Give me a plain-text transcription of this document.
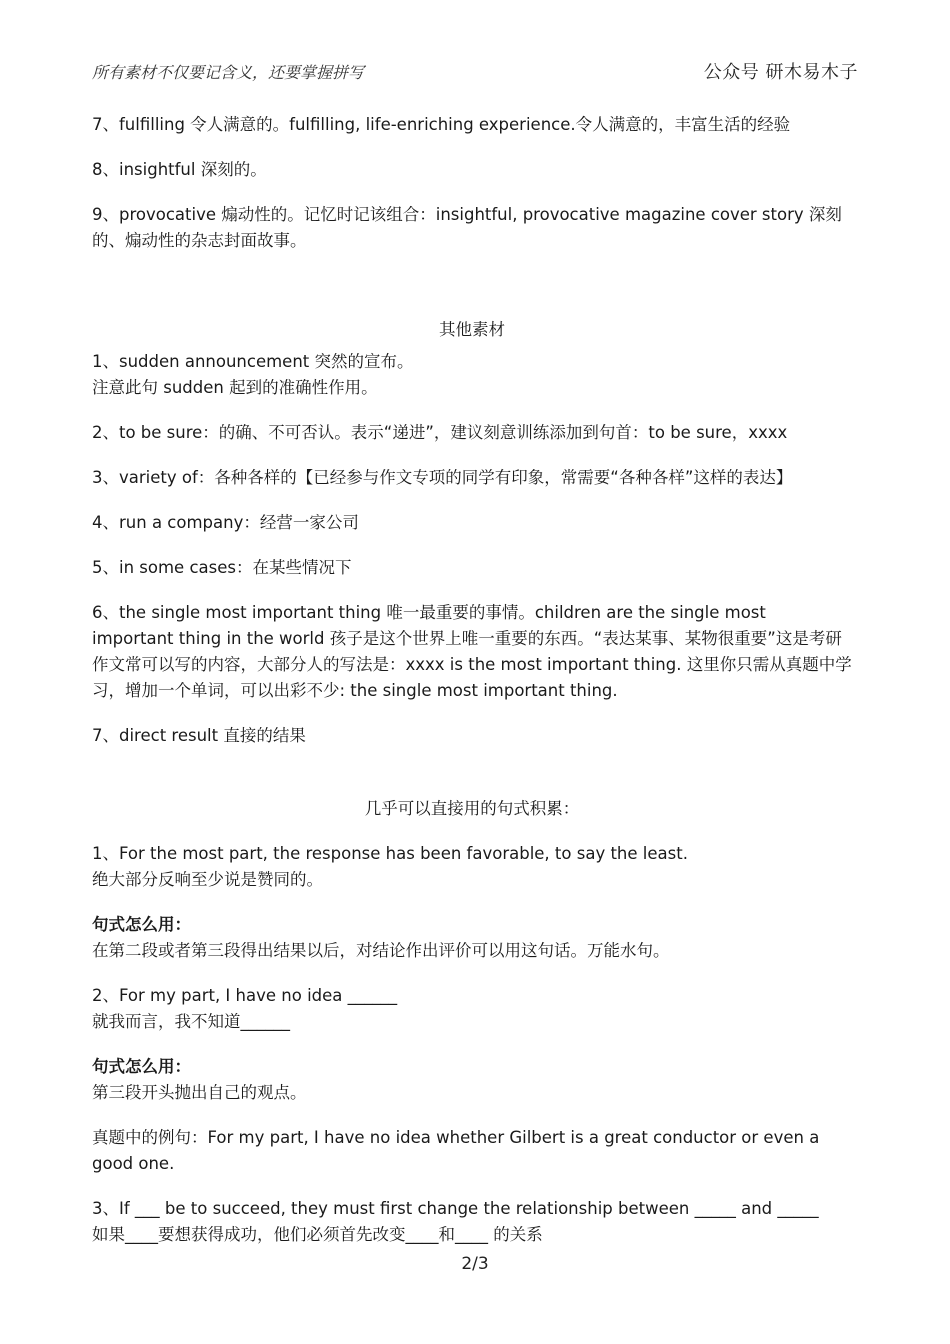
所有素材不仅要记含义，还要掌握拼写	公众号 研木易木子

7、fulfilling 令人满意的。fulfilling, life-enriching experience.令人满意的，丰富生活的经验

8、insightful 深刻的。

9、provocative 煽动性的。记忆时记该组合：insightful, provocative magazine cover story 深刻的、煽动性的杂志封面故事。

其他素材

1、sudden announcement 突然的宣布。
注意此句 sudden 起到的准确性作用。

2、to be sure：的确、不可否认。表示“递进”，建议刻意训练添加到句首：to be sure，xxxx

3、variety of：各种各样的【已经参与作文专项的同学有印象，常需要“各种各样”这样的表达】

4、run a company：经营一家公司

5、in some cases：在某些情况下

6、the single most important thing 唯一最重要的事情。children are the single most important thing in the world 孩子是这个世界上唯一重要的东西。“表达某事、某物很重要”这是考研作文常可以写的内容，大部分人的写法是：xxxx is the most important thing. 这里你只需从真题中学习，增加一个单词，可以出彩不少: the single most important thing.

7、direct result 直接的结果

几乎可以直接用的句式积累：

1、For the most part, the response has been favorable, to say the least.
绝大部分反响至少说是赞同的。

句式怎么用：
在第二段或者第三段得出结果以后，对结论作出评价可以用这句话。万能水句。

2、For my part, I have no idea ______
就我而言，我不知道______

句式怎么用：
第三段开头抛出自己的观点。

真题中的例句：For my part, I have no idea whether Gilbert is a great conductor or even a good one.

3、If ___ be to succeed, they must first change the relationship between _____ and _____
如果____要想获得成功，他们必须首先改变____和____ 的关系

2/3
